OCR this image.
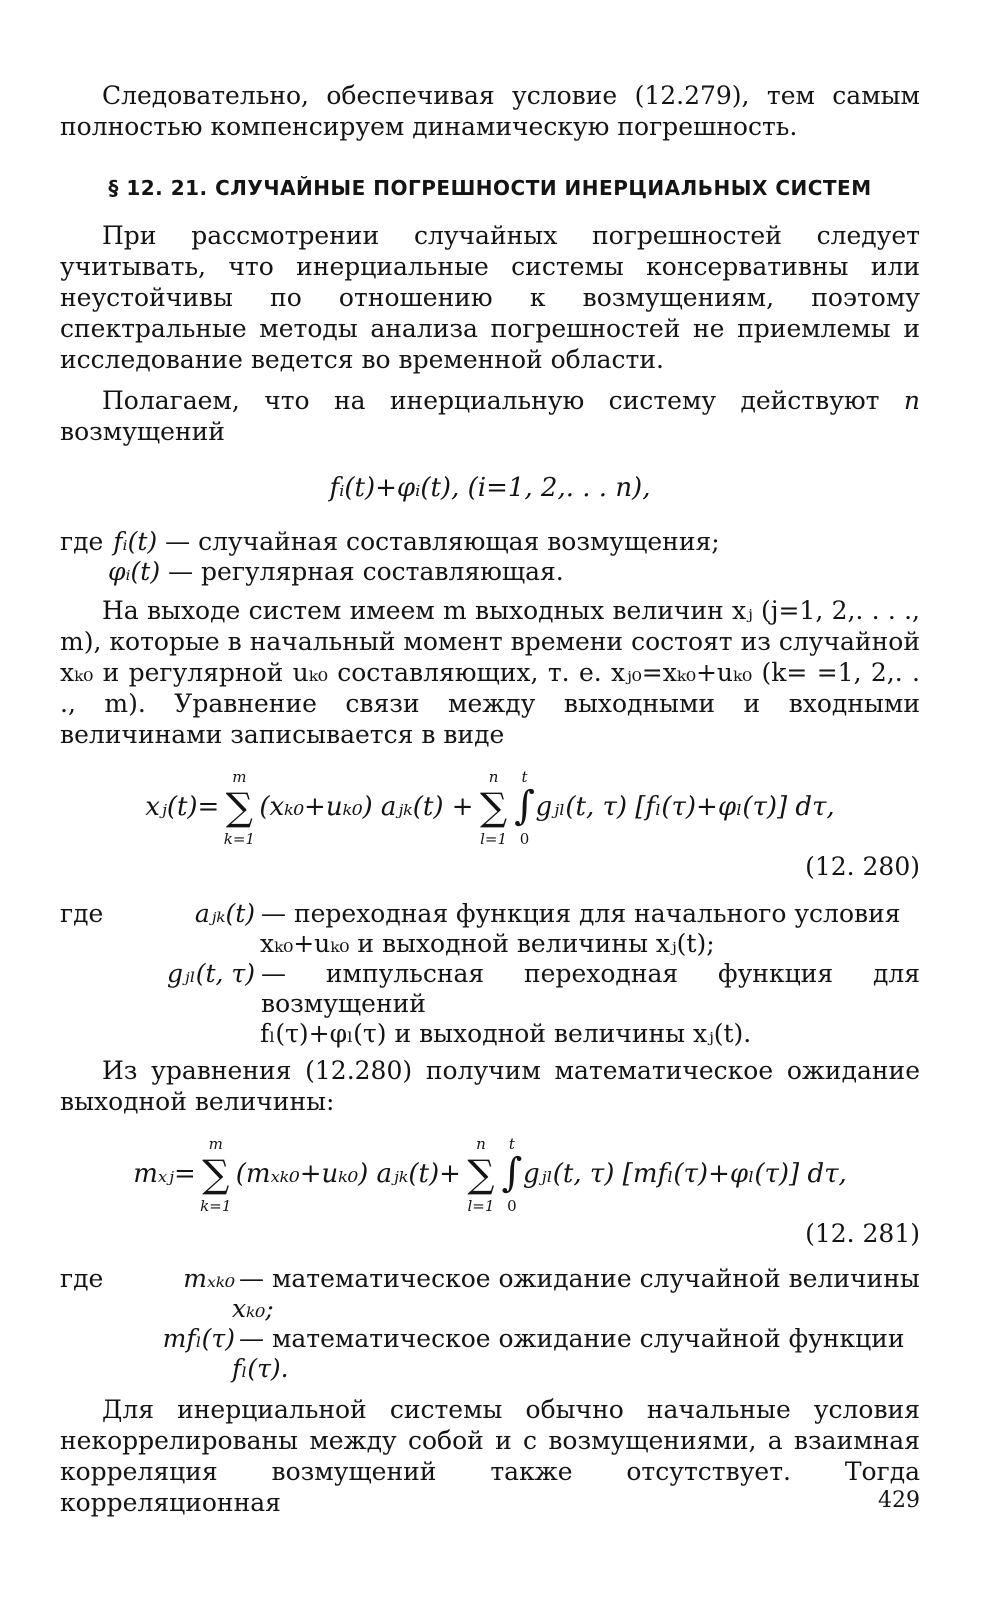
Следовательно, обеспечивая условие (12.279), тем самым полностью компенсируем динамическую погрешность.

§ 12. 21. СЛУЧАЙНЫЕ ПОГРЕШНОСТИ ИНЕРЦИАЛЬНЫХ СИСТЕМ

При рассмотрении случайных погрешностей следует учитывать, что инерциальные системы консервативны или неустойчивы по отношению к возмущениям, поэтому спектральные методы анализа погрешностей не приемлемы и исследование ведется во временной области.

Полагаем, что на инерциальную систему действуют n возмущений

fᵢ(t)+φᵢ(t), (i=1, 2,. . . n),
где fᵢ(t) — случайная составляющая возмущения;
φᵢ(t) — регулярная составляющая.

На выходе систем имеем m выходных величин xⱼ (j=1, 2,. . . ., m), которые в начальный момент времени состоят из случайной xₖ₀ и регулярной uₖ₀ составляющих, т. е. xⱼ₀=xₖ₀+uₖ₀ (k= =1, 2,. . ., m). Уравнение связи между выходными и входными величинами записывается в виде

xⱼ(t)=
m
∑
k=1
(xₖ₀+uₖ₀) aⱼₖ(t) +
n
∑
l=1
t
∫
0
gⱼₗ(t, τ) [fₗ(τ)+φₗ(τ)] dτ,
(12. 280)
где	aⱼₖ(t) — переходная функция для начального условия
xₖ₀+uₖ₀ и выходной величины xⱼ(t);
gⱼₗ(t, τ) — импульсная переходная функция для возмущений
fₗ(τ)+φₗ(τ) и выходной величины xⱼ(t).

Из уравнения (12.280) получим математическое ожидание выходной величины:

mₓⱼ=
m
∑
k=1
(mₓₖ₀+uₖ₀) aⱼₖ(t)+
n
∑
l=1
t
∫
0
gⱼₗ(t, τ) [mfₗ(τ)+φₗ(τ)] dτ,
(12. 281)
где	mₓₖ₀ — математическое ожидание случайной величины
xₖ₀;
mfₗ(τ) — математическое ожидание случайной функции
fₗ(τ).

Для инерциальной системы обычно начальные условия некоррелированы между собой и с возмущениями, а взаимная корреляция возмущений также отсутствует. Тогда корреляционная	429
